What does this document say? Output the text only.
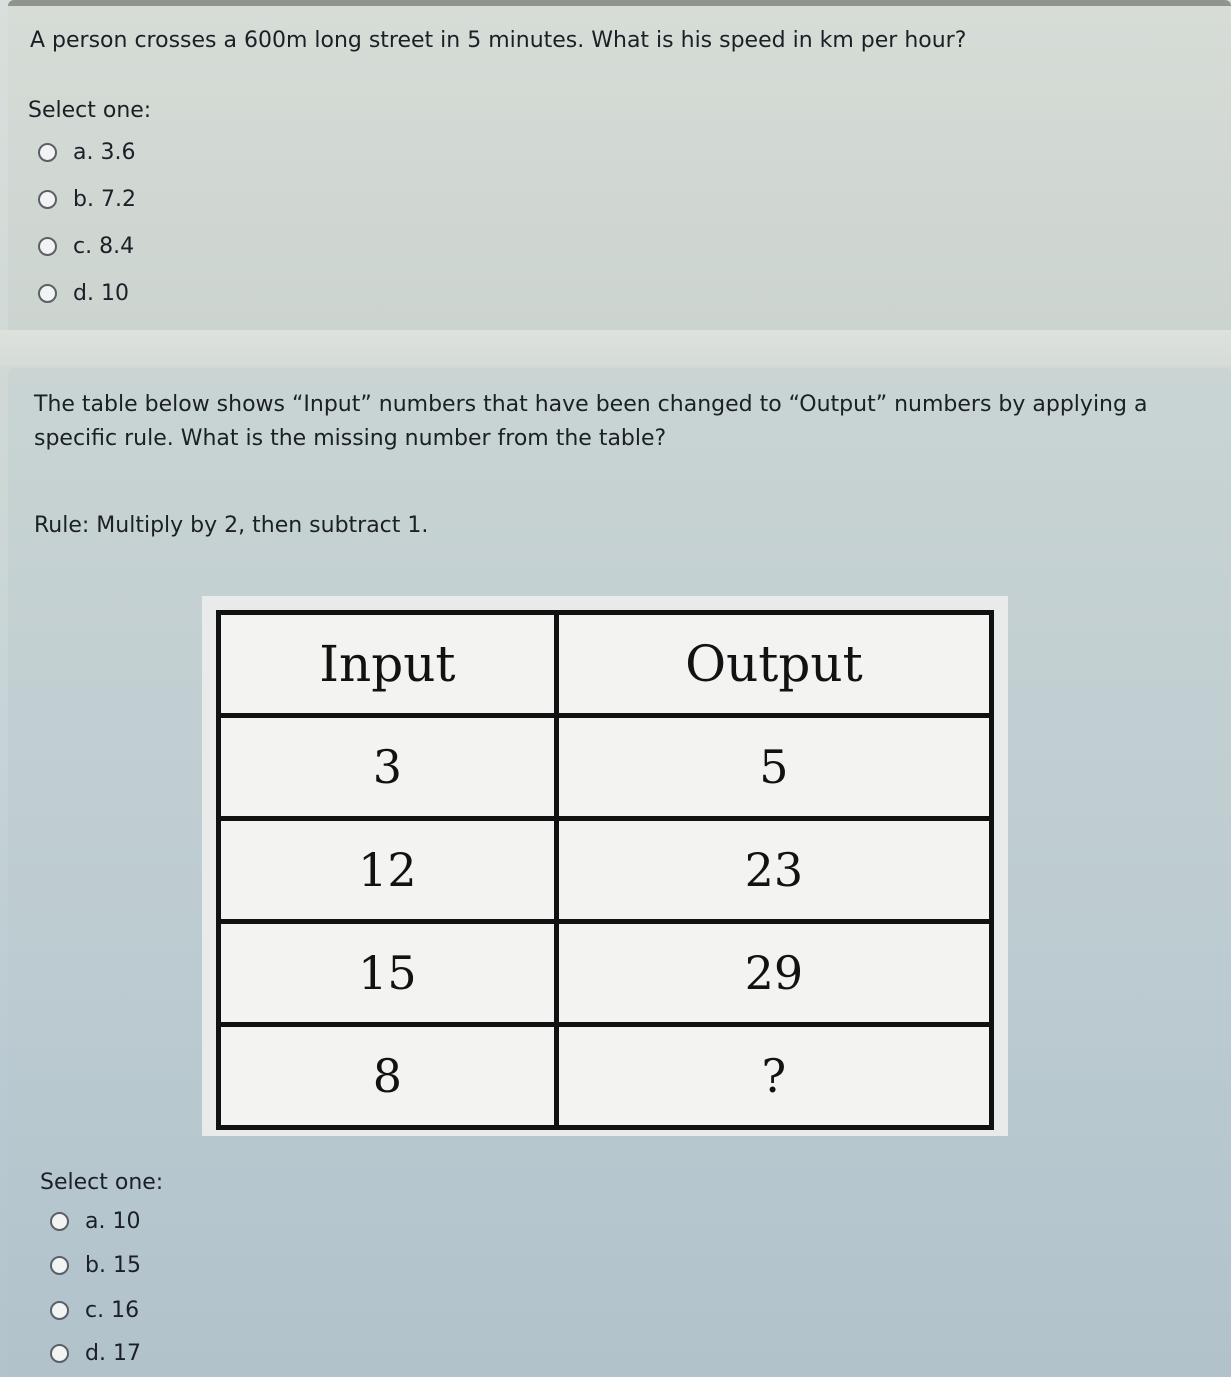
A person crosses a 600m long street in 5 minutes. What is his speed in km per hour?
Select one:
a. 3.6
b. 7.2
c. 8.4
d. 10
The table below shows “Input” numbers that have been changed to “Output” numbers by applying a specific rule. What is the missing number from the table?
Rule: Multiply by 2, then subtract 1.
Input	Output
3	5
12	23
15	29
8	?
Select one:
a. 10
b. 15
c. 16
d. 17
